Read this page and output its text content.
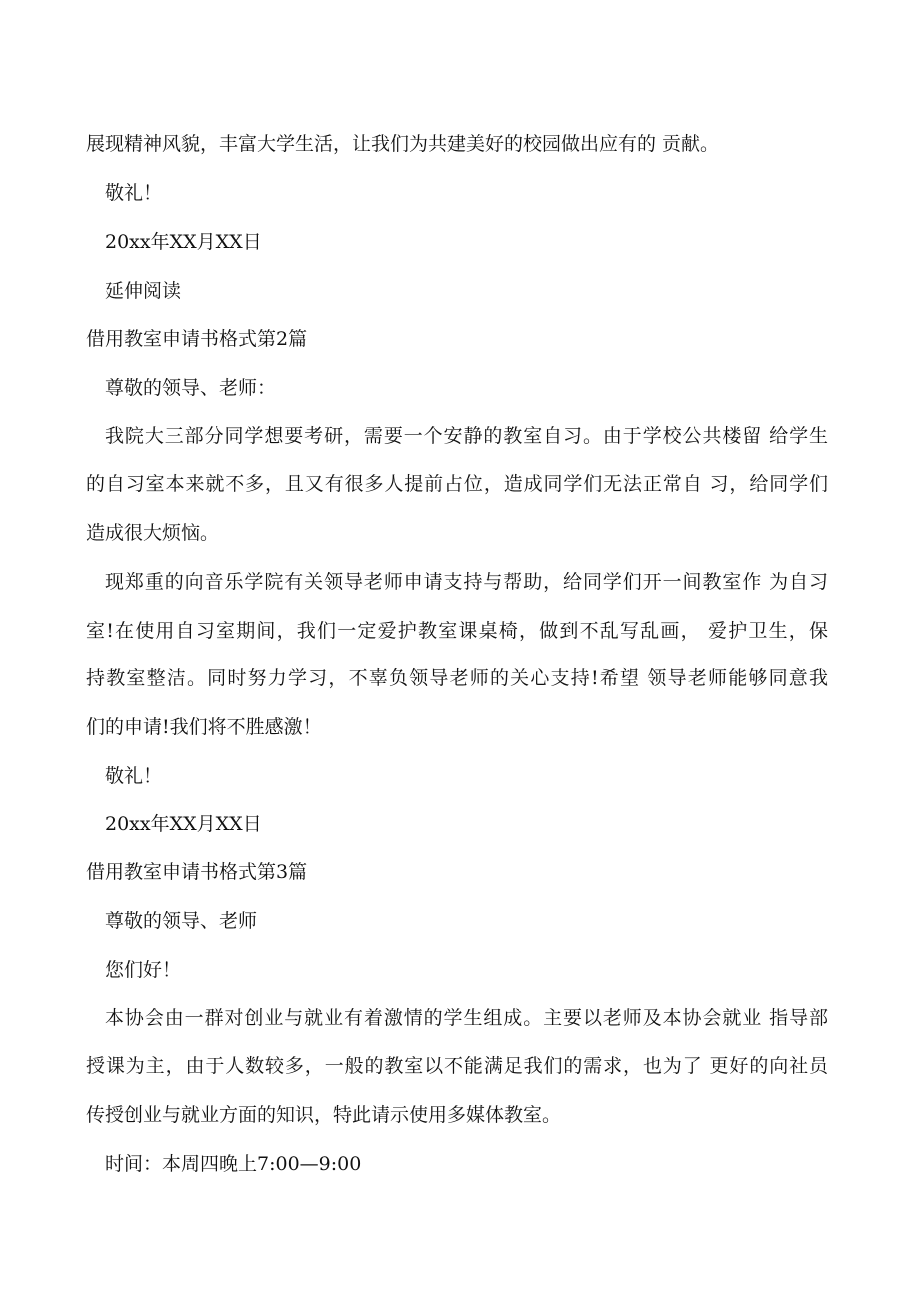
展现精神风貌，丰富大学生活，让我们为共建美好的校园做出应有的 贡献。
敬礼！
20xx年XX月XX日
延伸阅读
借用教室申请书格式第2篇
尊敬的领导、老师：
我院大三部分同学想要考研，需要一个安静的教室自习。由于学校公共楼留 给学生
的自习室本来就不多，且又有很多人提前占位，造成同学们无法正常自 习，给同学们
造成很大烦恼。
现郑重的向音乐学院有关领导老师申请支持与帮助，给同学们开一间教室作 为自习
室!在使用自习室期间，我们一定爱护教室课桌椅，做到不乱写乱画， 爱护卫生，保
持教室整洁。同时努力学习，不辜负领导老师的关心支持!希望 领导老师能够同意我
们的申请!我们将不胜感激！
敬礼！
20xx年XX月XX日
借用教室申请书格式第3篇
尊敬的领导、老师
您们好！
本协会由一群对创业与就业有着激情的学生组成。主要以老师及本协会就业 指导部
授课为主，由于人数较多，一般的教室以不能满足我们的需求，也为了 更好的向社员
传授创业与就业方面的知识，特此请示使用多媒体教室。
时间：本周四晚上7:00—9:00
